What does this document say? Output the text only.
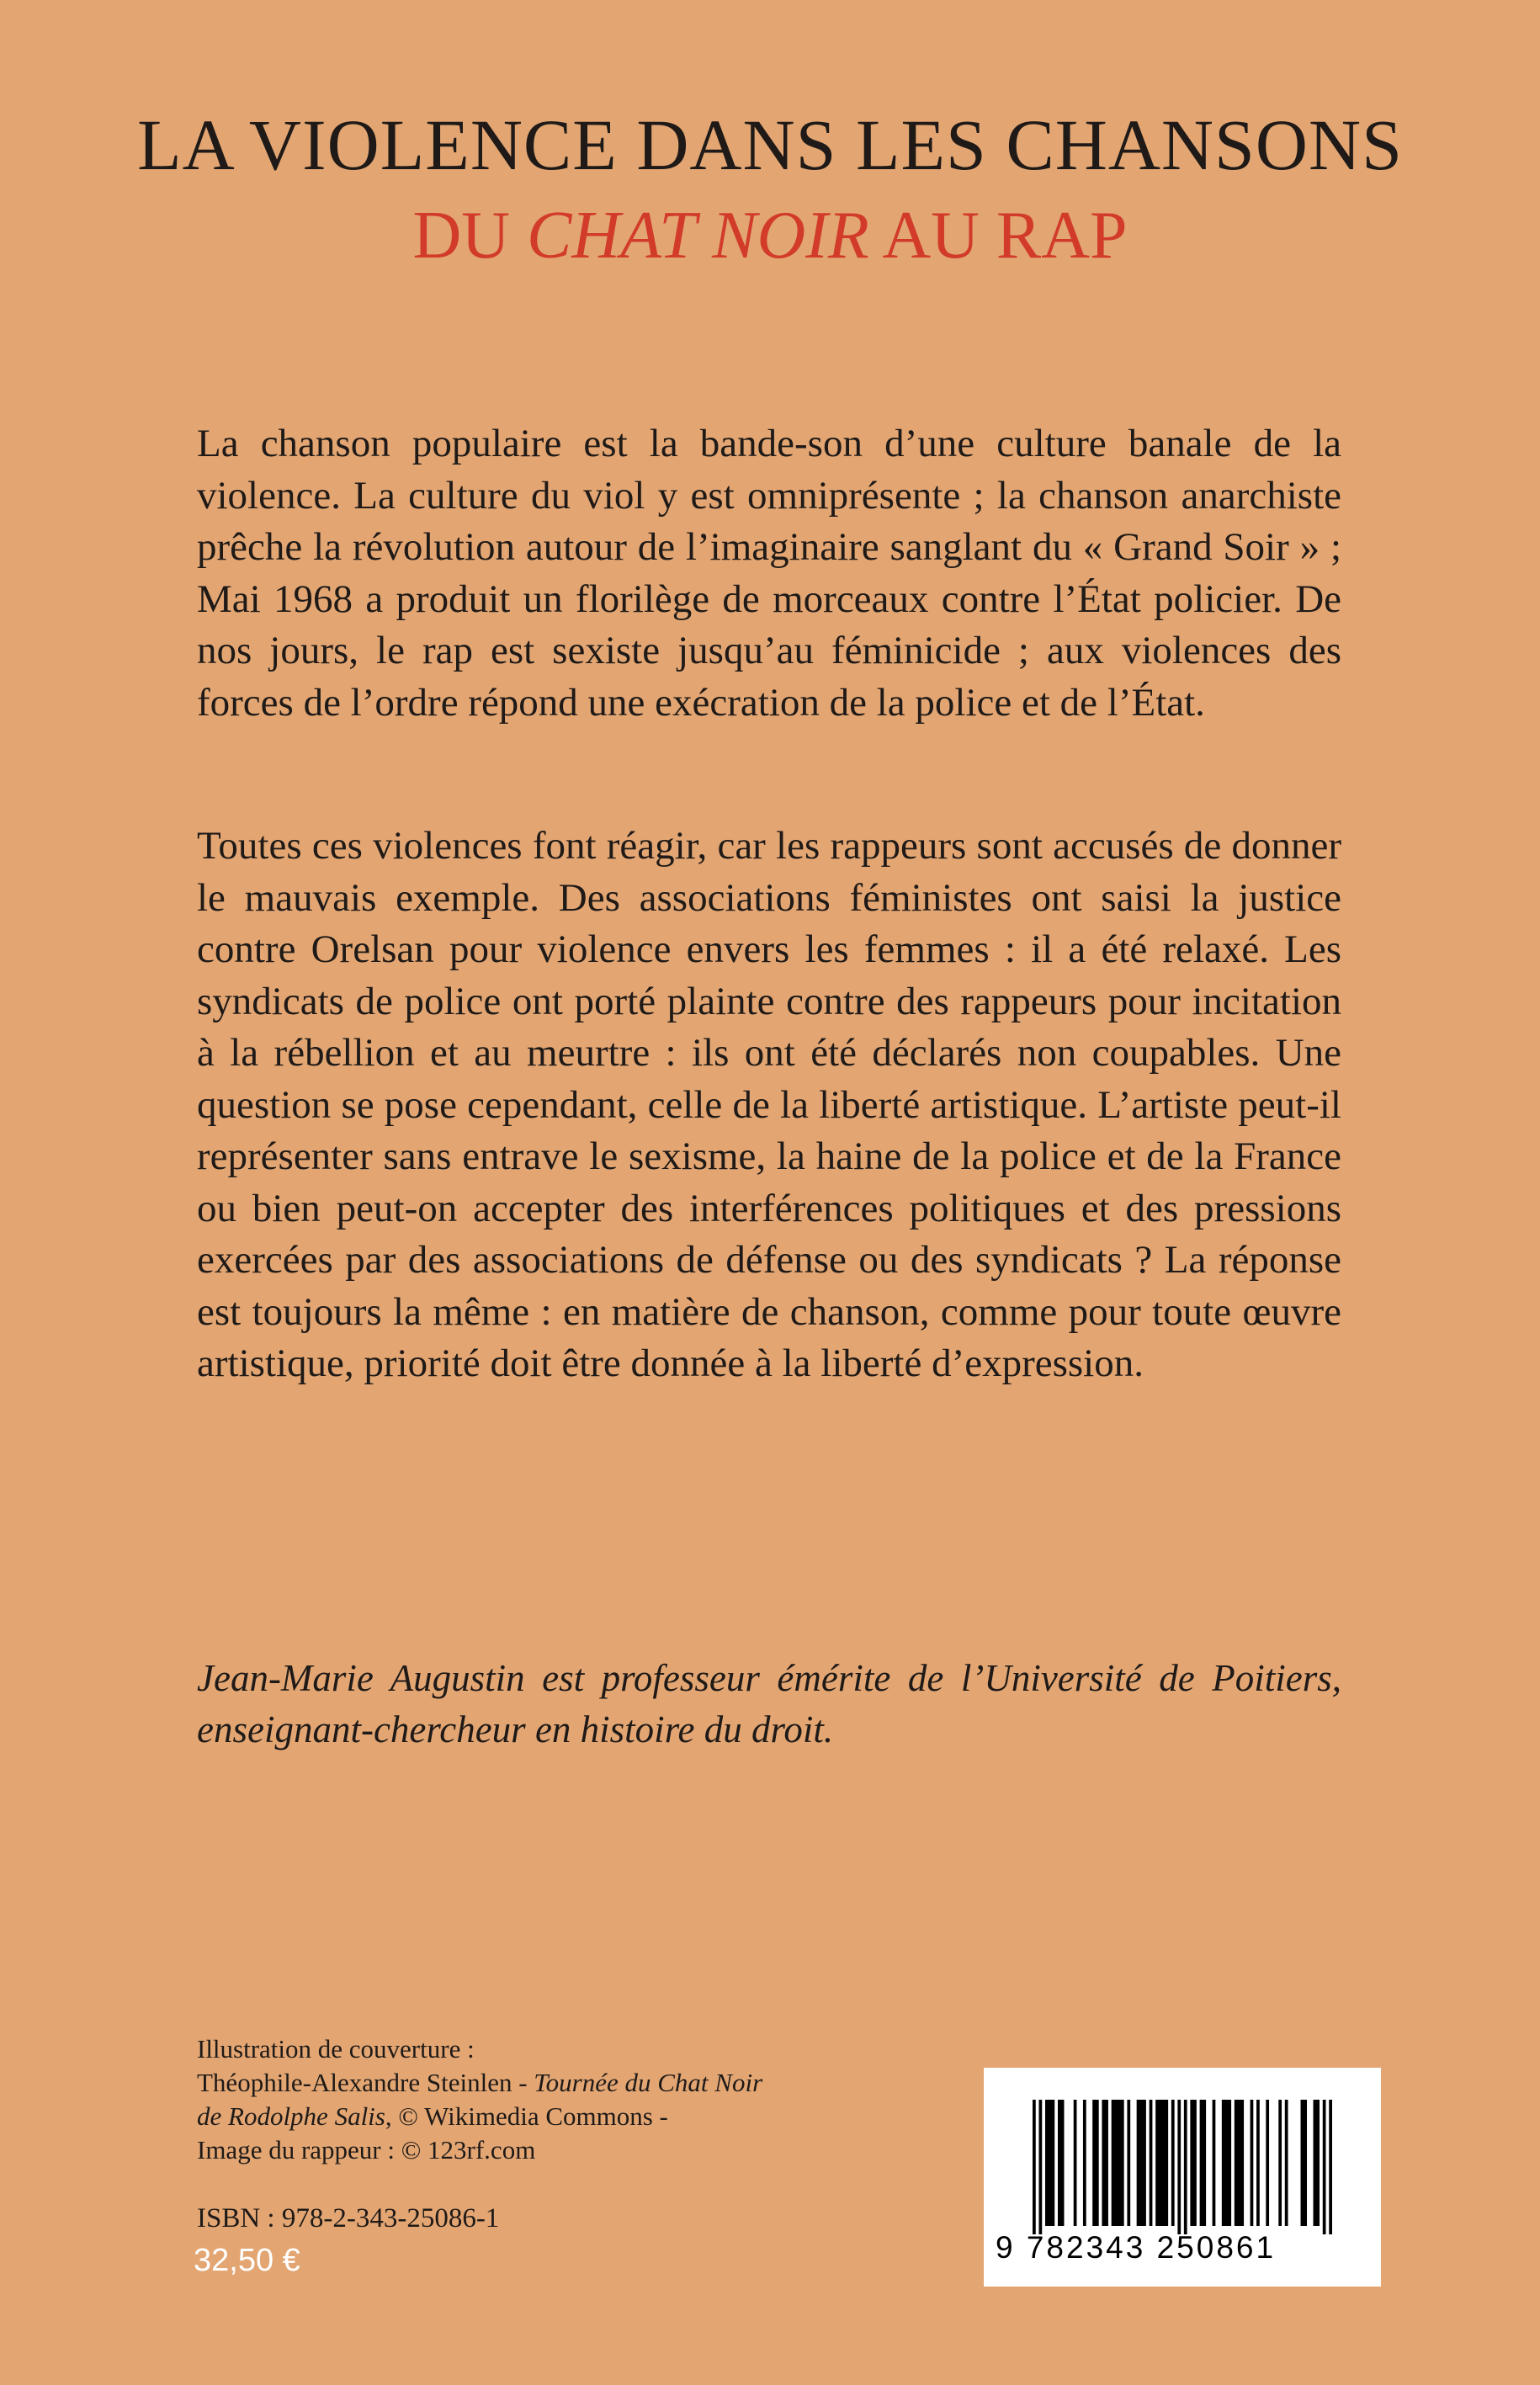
LA VIOLENCE DANS LES CHANSONS
DU CHAT NOIR AU RAP

La chanson populaire est la bande-son d’une culture banale de la violence. La culture du viol y est omniprésente ; la chanson anarchiste prêche la révolution autour de l’imaginaire sanglant du « Grand Soir » ; Mai 1968 a produit un florilège de morceaux contre l’État policier. De nos jours, le rap est sexiste jusqu’au féminicide ; aux violences des forces de l’ordre répond une exécration de la police et de l’État.

Toutes ces violences font réagir, car les rappeurs sont accusés de donner le mauvais exemple. Des associations féministes ont saisi la justice contre Orelsan pour violence envers les femmes : il a été relaxé. Les syndicats de police ont porté plainte contre des rappeurs pour incitation à la rébellion et au meurtre : ils ont été déclarés non coupables. Une question se pose cependant, celle de la liberté artistique. L’artiste peut-il représenter sans entrave le sexisme, la haine de la police et de la France ou bien peut-on accepter des interférences politiques et des pressions exercées par des associations de défense ou des syndicats ? La réponse est toujours la même : en matière de chanson, comme pour toute œuvre artistique, priorité doit être donnée à la liberté d’expression.

Jean-Marie Augustin est professeur émérite de l’Université de Poitiers, enseignant-chercheur en histoire du droit.
Illustration de couverture :
Théophile-Alexandre Steinlen - Tournée du Chat Noir
de Rodolphe Salis, © Wikimedia Commons -
Image du rappeur : © 123rf.com
ISBN : 978-2-343-25086-1
32,50 €	9 782343 250861
